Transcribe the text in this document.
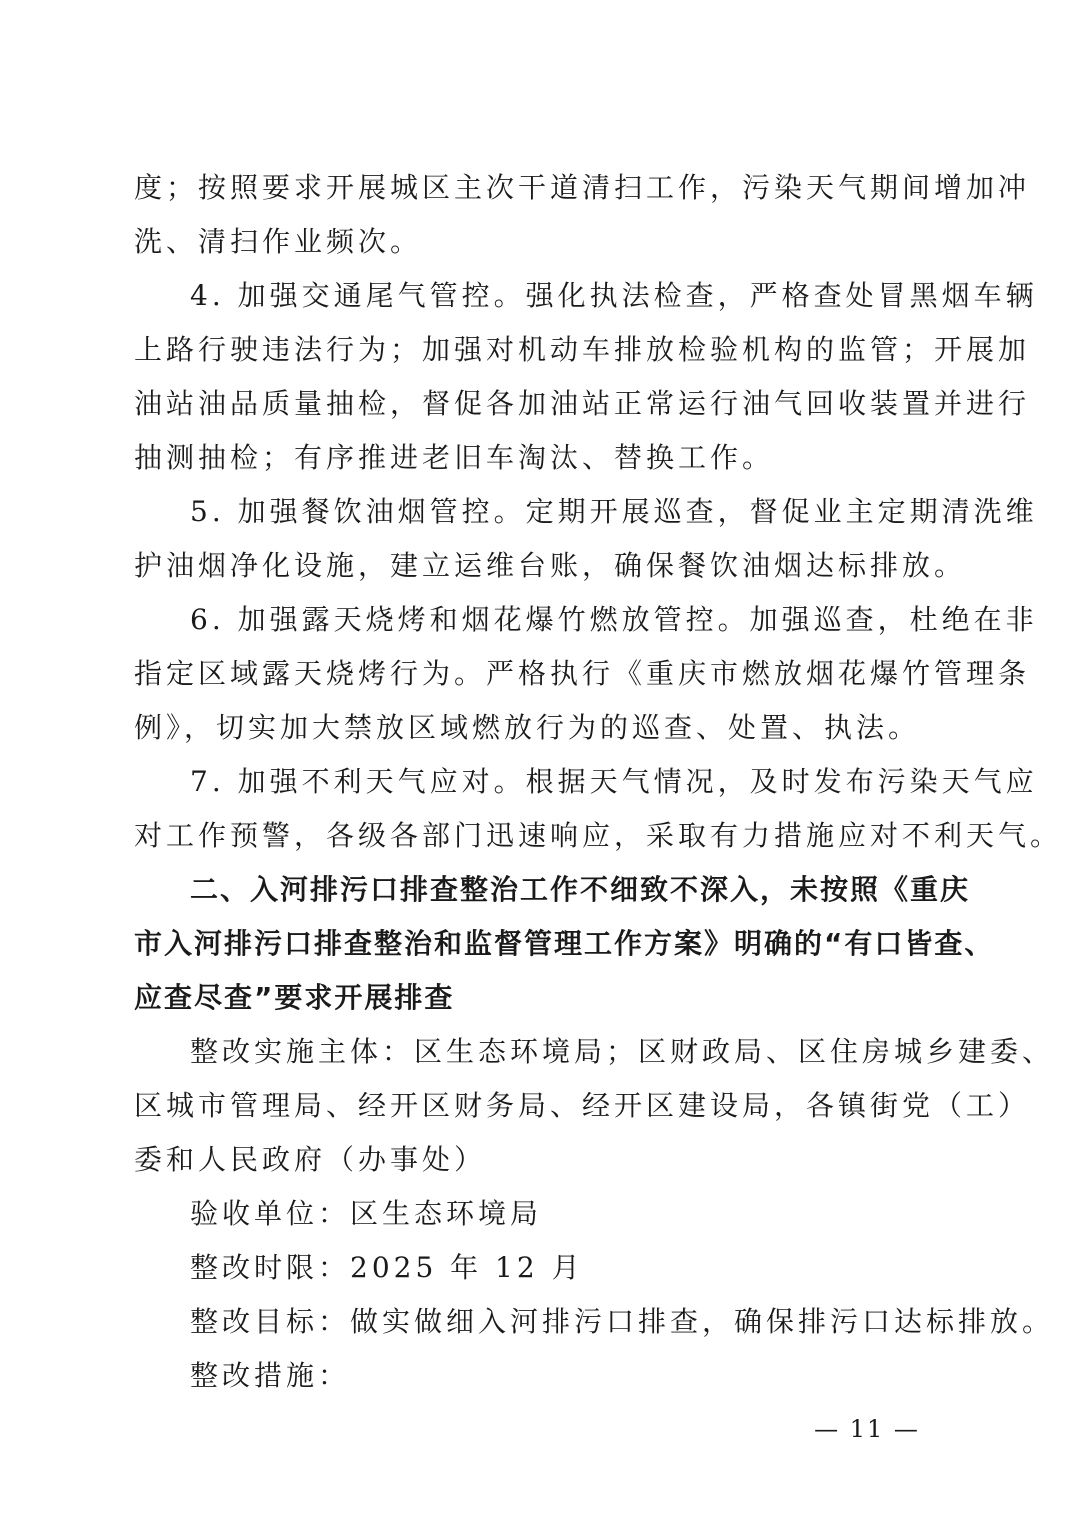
度；按照要求开展城区主次干道清扫工作，污染天气期间增加冲
洗、清扫作业频次。
4. 加强交通尾气管控。强化执法检查，严格查处冒黑烟车辆
上路行驶违法行为；加强对机动车排放检验机构的监管；开展加
油站油品质量抽检，督促各加油站正常运行油气回收装置并进行
抽测抽检；有序推进老旧车淘汰、替换工作。
5. 加强餐饮油烟管控。定期开展巡查，督促业主定期清洗维
护油烟净化设施，建立运维台账，确保餐饮油烟达标排放。
6. 加强露天烧烤和烟花爆竹燃放管控。加强巡查，杜绝在非
指定区域露天烧烤行为。严格执行《重庆市燃放烟花爆竹管理条
例》，切实加大禁放区域燃放行为的巡查、处置、执法。
7. 加强不利天气应对。根据天气情况，及时发布污染天气应
对工作预警，各级各部门迅速响应，采取有力措施应对不利天气。
二、入河排污口排查整治工作不细致不深入，未按照《重庆
市入河排污口排查整治和监督管理工作方案》明确的“有口皆查、
应查尽查”要求开展排查
整改实施主体：区生态环境局；区财政局、区住房城乡建委、
区城市管理局、经开区财务局、经开区建设局，各镇街党（工）
委和人民政府（办事处）
验收单位：区生态环境局
整改时限：2025 年 12 月
整改目标：做实做细入河排污口排查，确保排污口达标排放。
整改措施：
— 11 —
